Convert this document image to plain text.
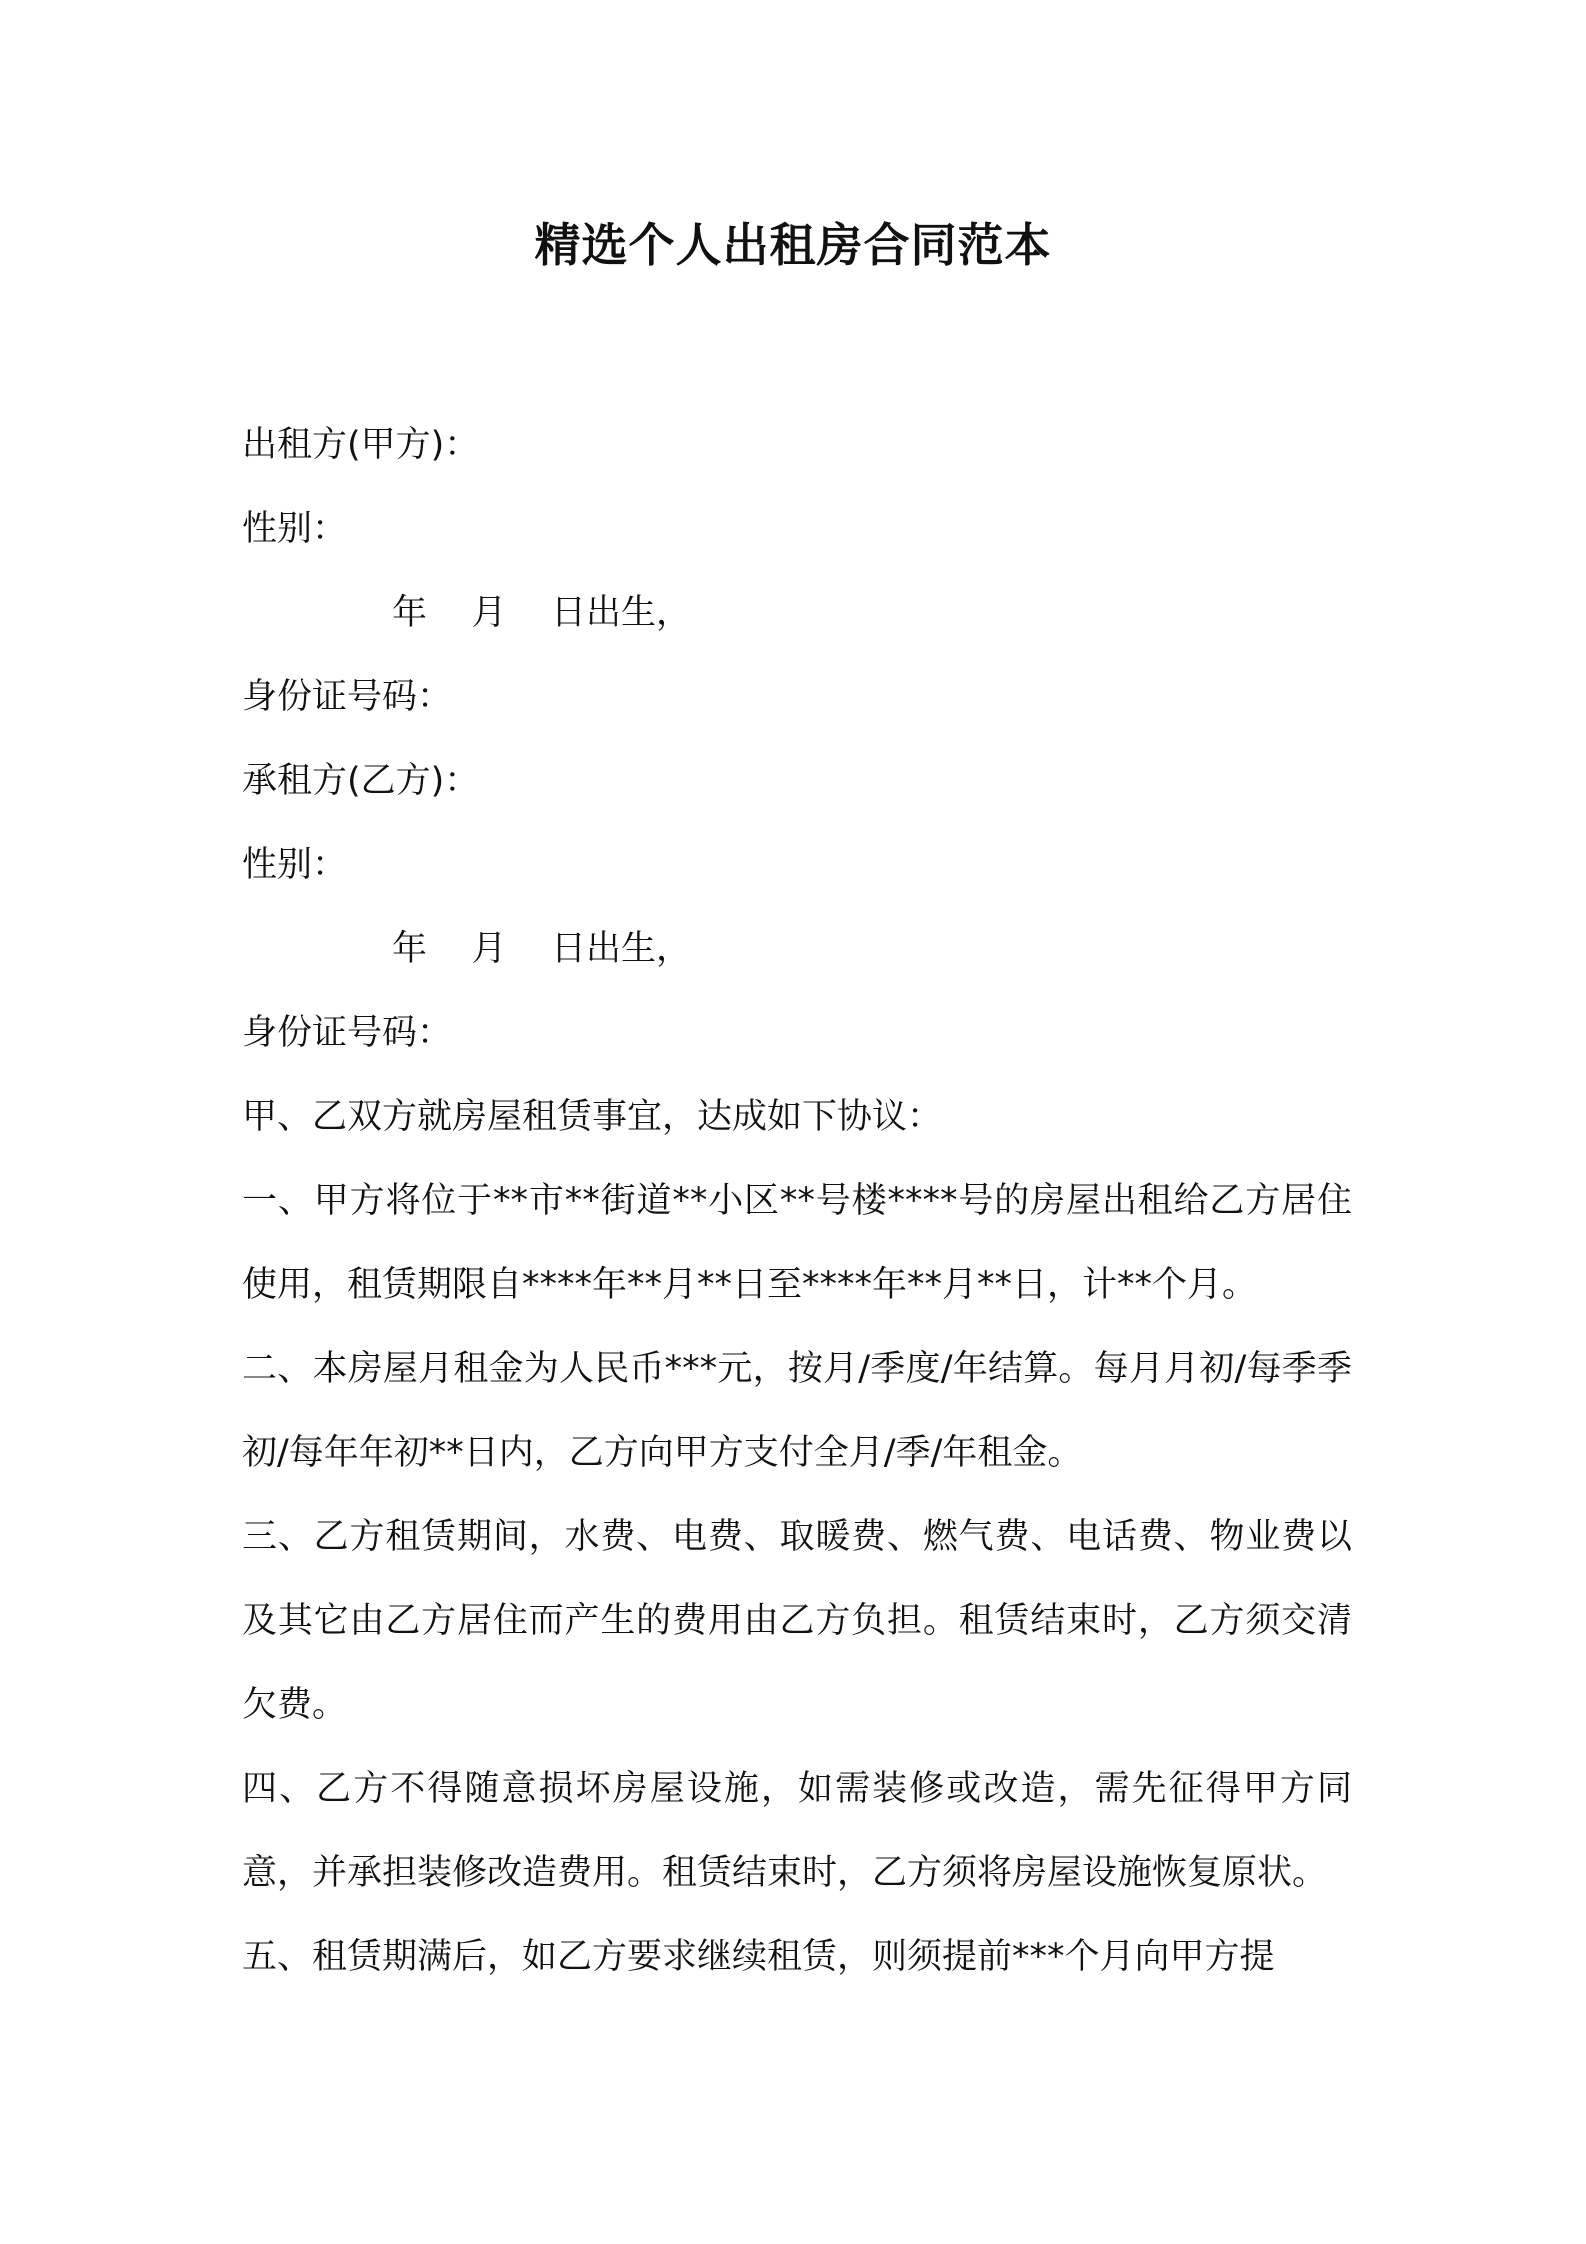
精选个人出租房合同范本

出租方(甲方)：

性别：

年    月    日出生，

身份证号码：

承租方(乙方)：

性别：

年    月    日出生，

身份证号码：

甲、乙双方就房屋租赁事宜，达成如下协议：

一、甲方将位于**市**街道**小区**号楼****号的房屋出租给乙方居住使用，租赁期限自****年**月**日至****年**月**日，计**个月。

二、本房屋月租金为人民币***元，按月/季度/年结算。每月月初/每季季初/每年年初**日内，乙方向甲方支付全月/季/年租金。

三、乙方租赁期间，水费、电费、取暖费、燃气费、电话费、物业费以及其它由乙方居住而产生的费用由乙方负担。租赁结束时，乙方须交清欠费。

四、乙方不得随意损坏房屋设施，如需装修或改造，需先征得甲方同意，并承担装修改造费用。租赁结束时，乙方须将房屋设施恢复原状。

五、租赁期满后，如乙方要求继续租赁，则须提前***个月向甲方提
